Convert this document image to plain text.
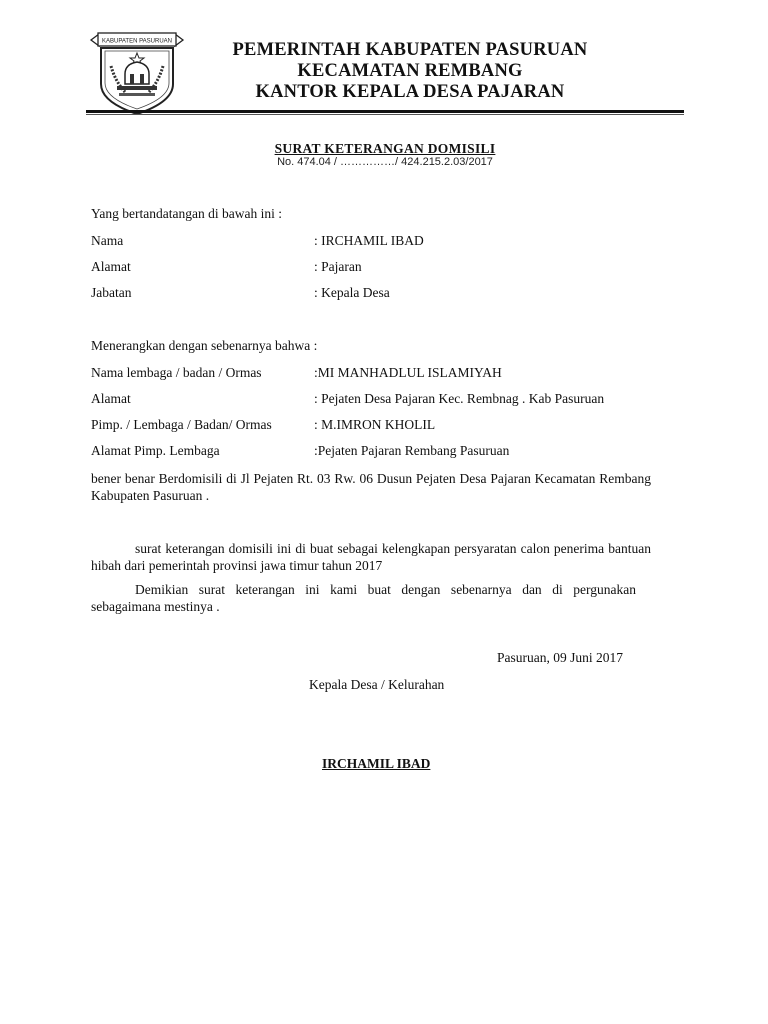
KABUPATEN PASURUAN	PEMERINTAH KABUPATEN PASURUAN
KECAMATAN REMBANG
KANTOR KEPALA DESA PAJARAN
SURAT KETERANGAN DOMISILI
No. 474.04 / ……………/ 424.215.2.03/2017
Yang bertandatangan di bawah ini :
Nama	: IRCHAMIL IBAD
Alamat	: Pajaran
Jabatan	: Kepala Desa
Menerangkan dengan sebenarnya bahwa :
Nama lembaga / badan / Ormas	:MI MANHADLUL ISLAMIYAH
Alamat	: Pejaten Desa Pajaran Kec. Rembnag . Kab Pasuruan
Pimp. / Lembaga / Badan/ Ormas	: M.IMRON KHOLIL
Alamat Pimp. Lembaga	:Pejaten Pajaran Rembang Pasuruan
bener benar Berdomisili di Jl Pejaten Rt. 03 Rw. 06 Dusun Pejaten Desa Pajaran Kecamatan Rembang Kabupaten Pasuruan .
surat keterangan domisili ini di buat sebagai kelengkapan persyaratan calon penerima bantuan hibah dari pemerintah provinsi jawa timur tahun 2017
Demikian surat keterangan ini kami buat dengan sebenarnya dan di pergunakan sebagaimana mestinya .
Pasuruan, 09 Juni 2017
Kepala Desa / Kelurahan
IRCHAMIL IBAD
